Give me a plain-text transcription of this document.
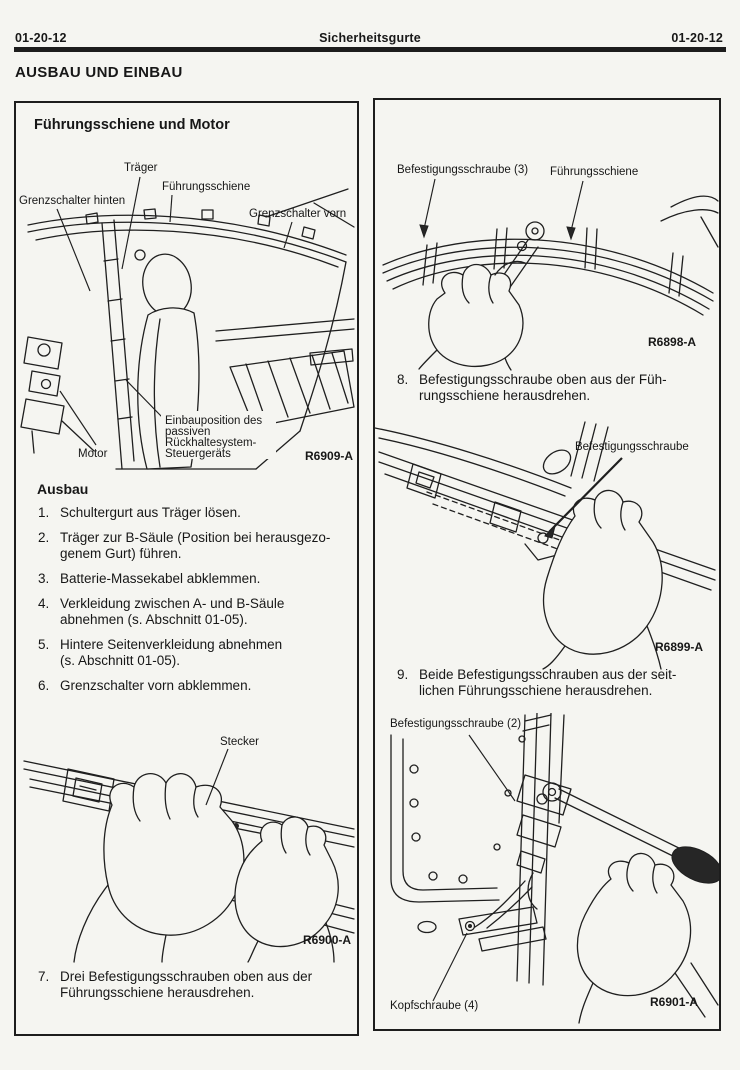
01-20-12	Sicherheitsgurte	01-20-12
AUSBAU UND EINBAU
Führungsschiene und Motor
Träger
Führungsschiene
Grenzschalter hinten
Grenzschalter vorn
Motor
Einbauposition des
passiven
Rückhaltesystem-
Steuergeräts	R6909-A
Ausbau
1. Schultergurt aus Träger lösen.
2. Träger zur B-Säule (Position bei herausgezo-
genem Gurt) führen.
3. Batterie-Massekabel abklemmen.
4. Verkleidung zwischen A- und B-Säule
abnehmen (s. Abschnitt 01-05).
5. Hintere Seitenverkleidung abnehmen
(s. Abschnitt 01-05).
6. Grenzschalter vorn abklemmen.
Stecker
R6900-A
7. Drei Befestigungsschrauben oben aus der
Führungsschiene herausdrehen.
Befestigungsschraube (3) Führungsschiene
R6898-A
8. Befestigungsschraube oben aus der Füh-
rungsschiene herausdrehen.
Befestigungsschraube
R6899-A
9. Beide Befestigungsschrauben aus der seit-
lichen Führungsschiene herausdrehen.
Befestigungsschraube (2)
Kopfschraube (4)	R6901-A
